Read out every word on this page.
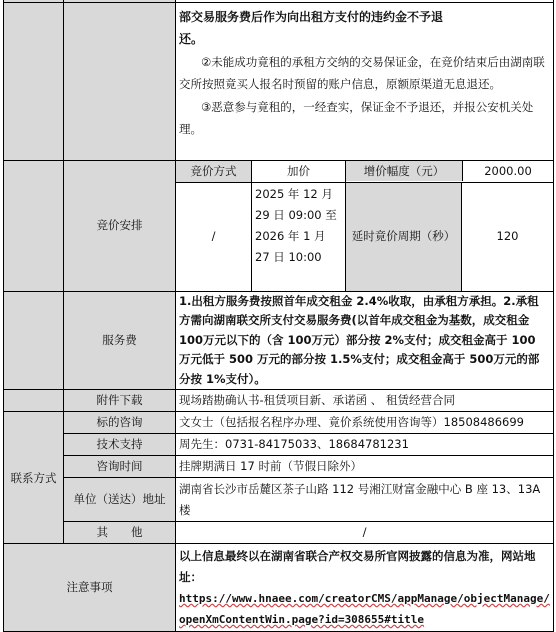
		部交易服务费后作为向出租方支付的违约金不予退

还。

②未能成功竟租的承租方交纳的交易保证金，在竞价结束后由湖南联交所按照竟买人报名时预留的账户信息，原额原渠道无息退还。

③恶意参与竟租的，一经查实，保证金不予退还，并报公安机关处理。		

	竞价安排	竞价方式	加价	增价幅度（元） 2000.00

		/	2025 年 12 月 29 日 09:00 至 2026 年 1 月 27 日 10:00	延时竟价周期（秒） 120

	服务费	1.出租方服务费按照首年成交租金 2.4%收取，由承租方承担。2.承租方需向湖南联交所支付交易服务费(以首年成交租金为基数，成交租金 100万元以下的（含 100万元）部分按 2%支付；成交租金高于 100 万元低于 500 万元的部分按 1.5%支付；成交租金高于 500万元的部分按 1%支付）。		
	附件下载	现场踏勘确认书-租赁项目新、承诺函 、 租赁经营合同		
联系方式	标的咨询	文女士（包括报名程序办理、竟价系统使用咨询等）18508486699		
	技术支持	周先生：0731-84175033、18684781231		
	咨询时间	挂牌期满日 17 时前（节假日除外）		
	单位（送达）地址	湖南省长沙市岳麓区茶子山路 112 号湘江财富金融中心 B 座 13、13A 楼		
	其　　他	/		
注意事项		以上信息最终以在湖南省联合产权交易所官网披露的信息为准，网站地址：
https://www.hnaee.com/creatorCMS/appManage/objectManage/openXmContentWin.page?id=308655#title		
